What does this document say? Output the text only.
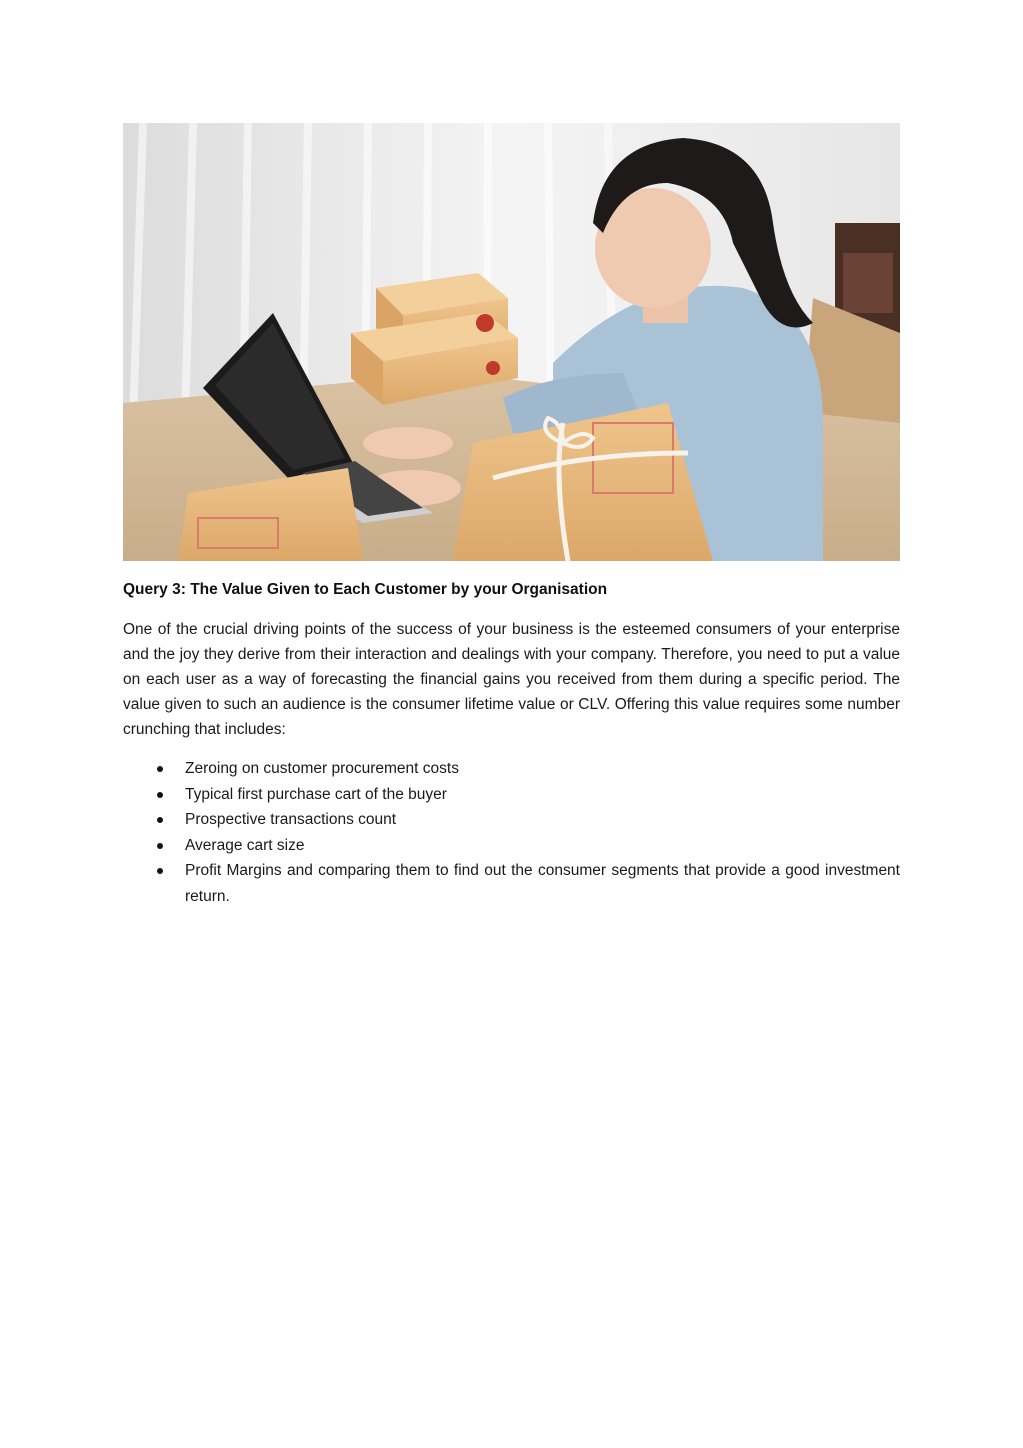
Query 3: The Value Given to Each Customer by your Organisation

One of the crucial driving points of the success of your business is the esteemed consumers of your enterprise and the joy they derive from their interaction and dealings with your company. Therefore, you need to put a value on each user as a way of forecasting the financial gains you received from them during a specific period. The value given to such an audience is the consumer lifetime value or CLV. Offering this value requires some number crunching that includes:

Zeroing on customer procurement costs
Typical first purchase cart of the buyer
Prospective transactions count
Average cart size
Profit Margins and comparing them to find out the consumer segments that provide a good investment return.
